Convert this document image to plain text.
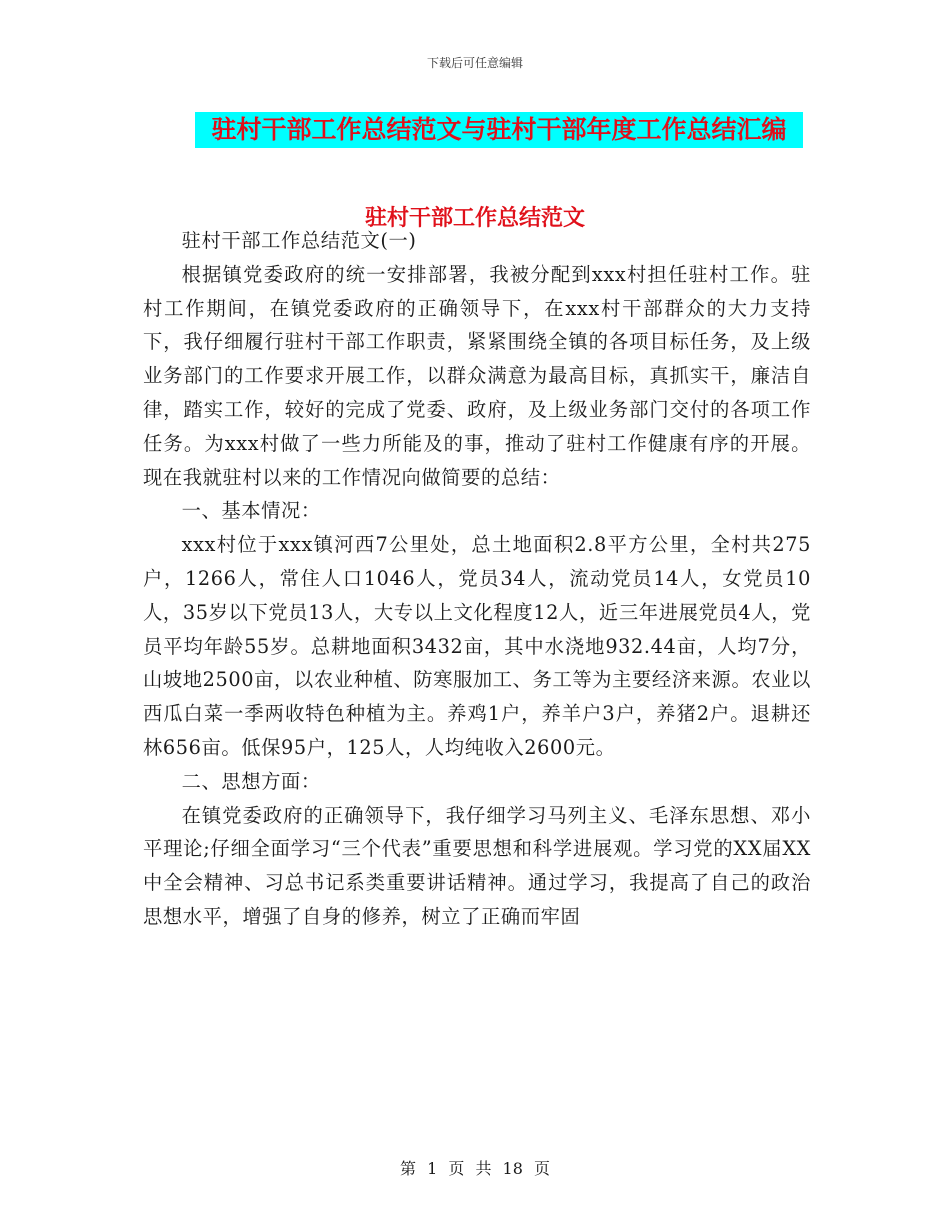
下载后可任意编辑
驻村干部工作总结范文与驻村干部年度工作总结汇编
驻村干部工作总结范文

驻村干部工作总结范文(一)

根据镇党委政府的统一安排部署，我被分配到xxx村担任驻村工作。驻村工作期间，在镇党委政府的正确领导下，在xxx村干部群众的大力支持下，我仔细履行驻村干部工作职责，紧紧围绕全镇的各项目标任务，及上级业务部门的工作要求开展工作，以群众满意为最高目标，真抓实干，廉洁自律，踏实工作，较好的完成了党委、政府，及上级业务部门交付的各项工作任务。为xxx村做了一些力所能及的事，推动了驻村工作健康有序的开展。现在我就驻村以来的工作情况向做简要的总结：

一、基本情况：

xxx村位于xxx镇河西7公里处，总土地面积2.8平方公里，全村共275户，1266人，常住人口1046人，党员34人，流动党员14人，女党员10人，35岁以下党员13人，大专以上文化程度12人，近三年进展党员4人，党员平均年龄55岁。总耕地面积3432亩，其中水浇地932.44亩，人均7分，山坡地2500亩，以农业种植、防寒服加工、务工等为主要经济来源。农业以西瓜白菜一季两收特色种植为主。养鸡1户，养羊户3户，养猪2户。退耕还林656亩。低保95户，125人，人均纯收入2600元。

二、思想方面：

在镇党委政府的正确领导下，我仔细学习马列主义、毛泽东思想、邓小平理论;仔细全面学习“三个代表”重要思想和科学进展观。学习党的XX届XX中全会精神、习总书记系类重要讲话精神。通过学习，我提高了自己的政治思想水平，增强了自身的修养，树立了正确而牢固

第 1 页 共 18 页
